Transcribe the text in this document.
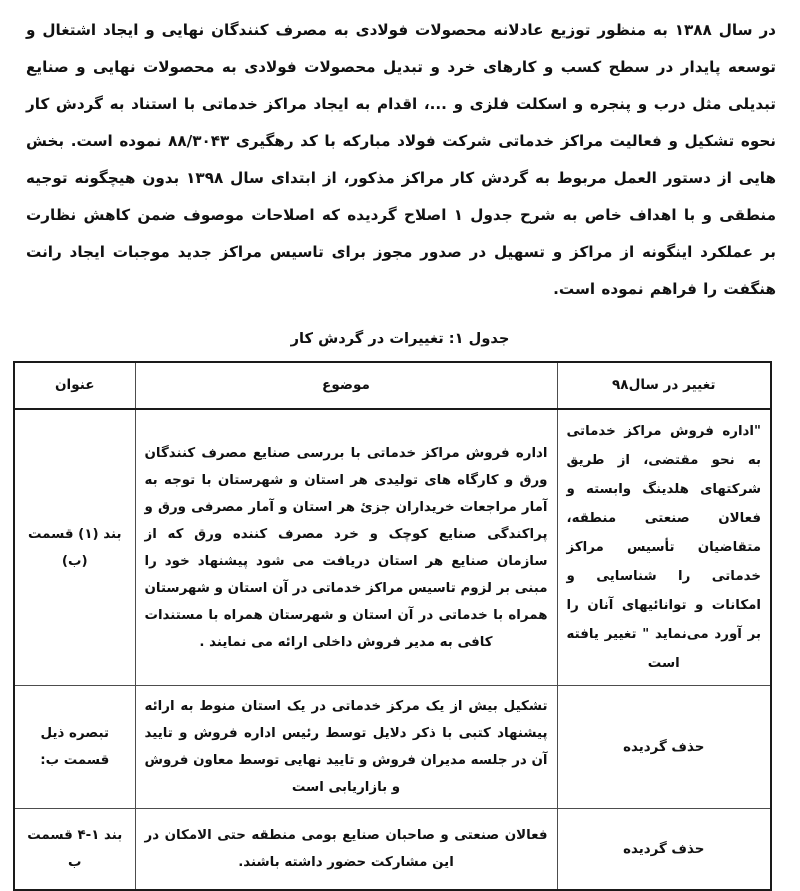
در سال ۱۳۸۸ به منظور توزیع عادلانه محصولات فولادی به مصرف کنندگان نهایی و ایجاد اشتغال و توسعه پایدار در سطح کسب و کارهای خرد و تبدیل محصولات فولادی به محصولات نهایی و صنایع تبدیلی مثل درب و پنجره و اسکلت فلزی و ...، اقدام به ایجاد مراکز خدماتی با استناد به گردش کار نحوه تشکیل و فعالیت مراکز خدماتی شرکت فولاد مبارکه با کد رهگیری ۸۸/۳۰۴۳ نموده است. بخش هایی از دستور العمل مربوط به گردش کار مراکز مذکور، از ابتدای سال ۱۳۹۸ بدون هیچگونه توجیه منطقی و با اهداف خاص به شرح جدول ۱ اصلاح گردیده که اصلاحات موصوف ضمن کاهش نظارت بر عملکرد اینگونه از مراکز و تسهیل در صدور مجوز برای تاسیس مراکز جدید موجبات ایجاد رانت هنگفت را فراهم نموده است.

جدول ۱: تغییرات در گردش کار
تغییر در سال۹۸	موضوع	عنوان
"اداره فروش مراکز خدماتی به نحو مقتضی، از طریق شرکتهای هلدینگ وابسته و فعالان صنعتی منطقه، متقاضیان تأسیس مراکز خدماتی را شناسایی و امکانات و توانائیهای آنان را بر آورد می‌نماید " تغییر یافته است	اداره فروش مراکز خدماتی با بررسی صنایع مصرف کنندگان ورق و کارگاه های تولیدی هر استان و شهرستان با توجه به آمار مراجعات خریداران جزئ هر استان و آمار مصرفی ورق و پراکندگی صنایع کوچک و خرد مصرف کننده ورق که از سازمان صنایع هر استان دریافت می شود پیشنهاد خود را مبنی بر لزوم تاسیس مراکز خدماتی در آن استان و شهرستان همراه با خدماتی در آن استان و شهرستان همراه با مستندات کافی به مدیر فروش داخلی ارائه می نمایند .	بند (۱) قسمت (ب)
حذف گردیده	تشکیل بیش از یک مرکز خدماتی در یک استان منوط به ارائه پیشنهاد کتبی با ذکر دلایل توسط رئیس اداره فروش و تایید آن در جلسه مدیران فروش و تایید نهایی توسط معاون فروش و بازاریابی است	تبصره ذیل قسمت ب:
حذف گردیده	فعالان صنعتی و صاحبان صنایع بومی منطقه حتی الامکان در این مشارکت حضور داشته باشند.	بند ۱-۴ قسمت ب
